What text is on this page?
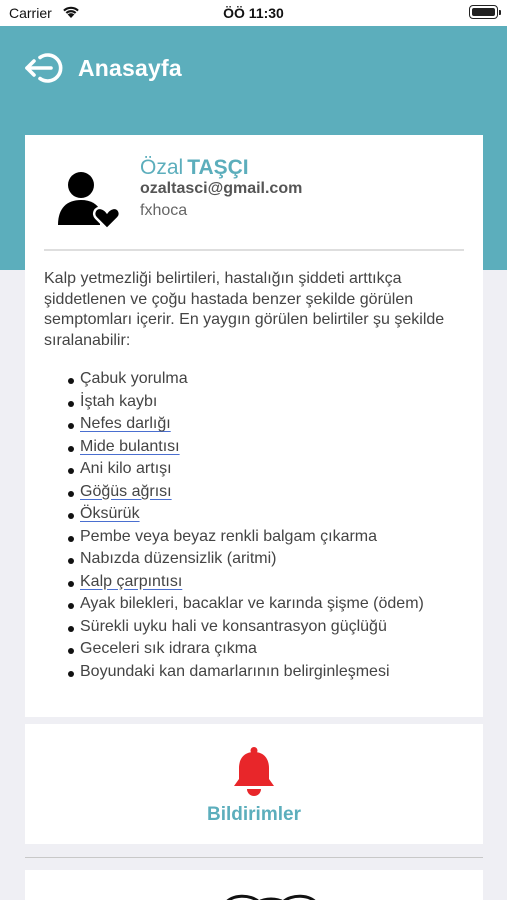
Carrier	ÖÖ 11:30
Anasayfa
Özal TAŞÇI
ozaltasci@gmail.com
fxhoca

Kalp yetmezliği belirtileri, hastalığın şiddeti arttıkça şiddetlenen ve çoğu hastada benzer şekilde görülen semptomları içerir. En yaygın görülen belirtiler şu şekilde sıralanabilir:

Çabuk yorulma
İştah kaybı
Nefes darlığı
Mide bulantısı
Ani kilo artışı
Göğüs ağrısı
Öksürük
Pembe veya beyaz renkli balgam çıkarma
Nabızda düzensizlik (aritmi)
Kalp çarpıntısı
Ayak bilekleri, bacaklar ve karında şişme (ödem)
Sürekli uyku hali ve konsantrasyon güçlüğü
Geceleri sık idrara çıkma
Boyundaki kan damarlarının belirginleşmesi
Bildirimler
